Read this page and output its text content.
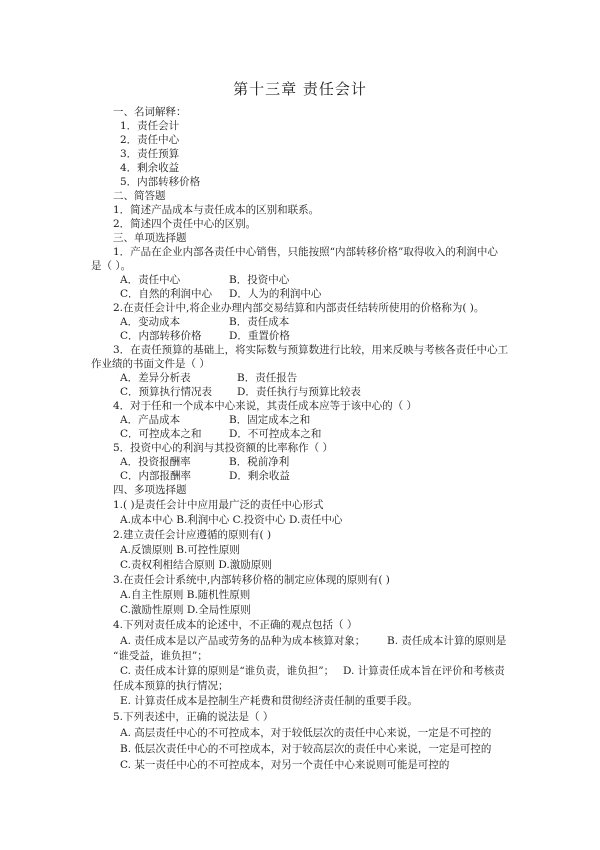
第十三章 责任会计
一、名词解释：
1．责任会计
2．责任中心
3．责任预算
4．剩余收益
5．内部转移价格
二、简答题
1．简述产品成本与责任成本的区别和联系。
2．简述四个责任中心的区别。
三、单项选择题
1．产品在企业内部各责任中心销售，只能按照“内部转移价格”取得收入的利润中心
是（ ）。
A．责任中心	B．投资中心
C．自然的利润中心 D．人为的利润中心
2.在责任会计中,将企业办理内部交易结算和内部责任结转所使用的价格称为( )。
A．变动成本	B．责任成本
C．内部转移价格	D．重置价格
3．在责任预算的基础上，将实际数与预算数进行比较，用来反映与考核各责任中心工
作业绩的书面文件是（ ）
A．差异分析表	B．责任报告
C．预算执行情况表 D．责任执行与预算比较表
4．对于任和一个成本中心来说，其责任成本应等于该中心的（ ）
A．产品成本	B．固定成本之和
C．可控成本之和	D．不可控成本之和
5．投资中心的利润与其投资额的比率称作（ ）
A．投资报酬率	B．税前净利
C．内部报酬率	D．剩余收益
四、多项选择题
1.( )是责任会计中应用最广泛的责任中心形式
A.成本中心 B.利润中心 C.投资中心 D.责任中心
2.建立责任会计应遵循的原则有( )
A.反馈原则 B.可控性原则
C.责权利相结合原则 D.激励原则
3.在责任会计系统中,内部转移价格的制定应体现的原则有( )
A.自主性原则 B.随机性原则
C.激励性原则 D.全局性原则
4.下列对责任成本的论述中，不正确的观点包括（ ）
A. 责任成本是以产品或劳务的品种为成本核算对象； B. 责任成本计算的原则是
“谁受益，谁负担”；
C. 责任成本计算的原则是“谁负责，谁负担”； D. 计算责任成本旨在评价和考核责
任成本预算的执行情况；
E. 计算责任成本是控制生产耗费和贯彻经济责任制的重要手段。
5.下列表述中，正确的说法是（ ）
A. 高层责任中心的不可控成本，对于较低层次的责任中心来说，一定是不可控的
B. 低层次责任中心的不可控成本，对于较高层次的责任中心来说，一定是可控的
C. 某一责任中心的不可控成本，对另一个责任中心来说则可能是可控的
